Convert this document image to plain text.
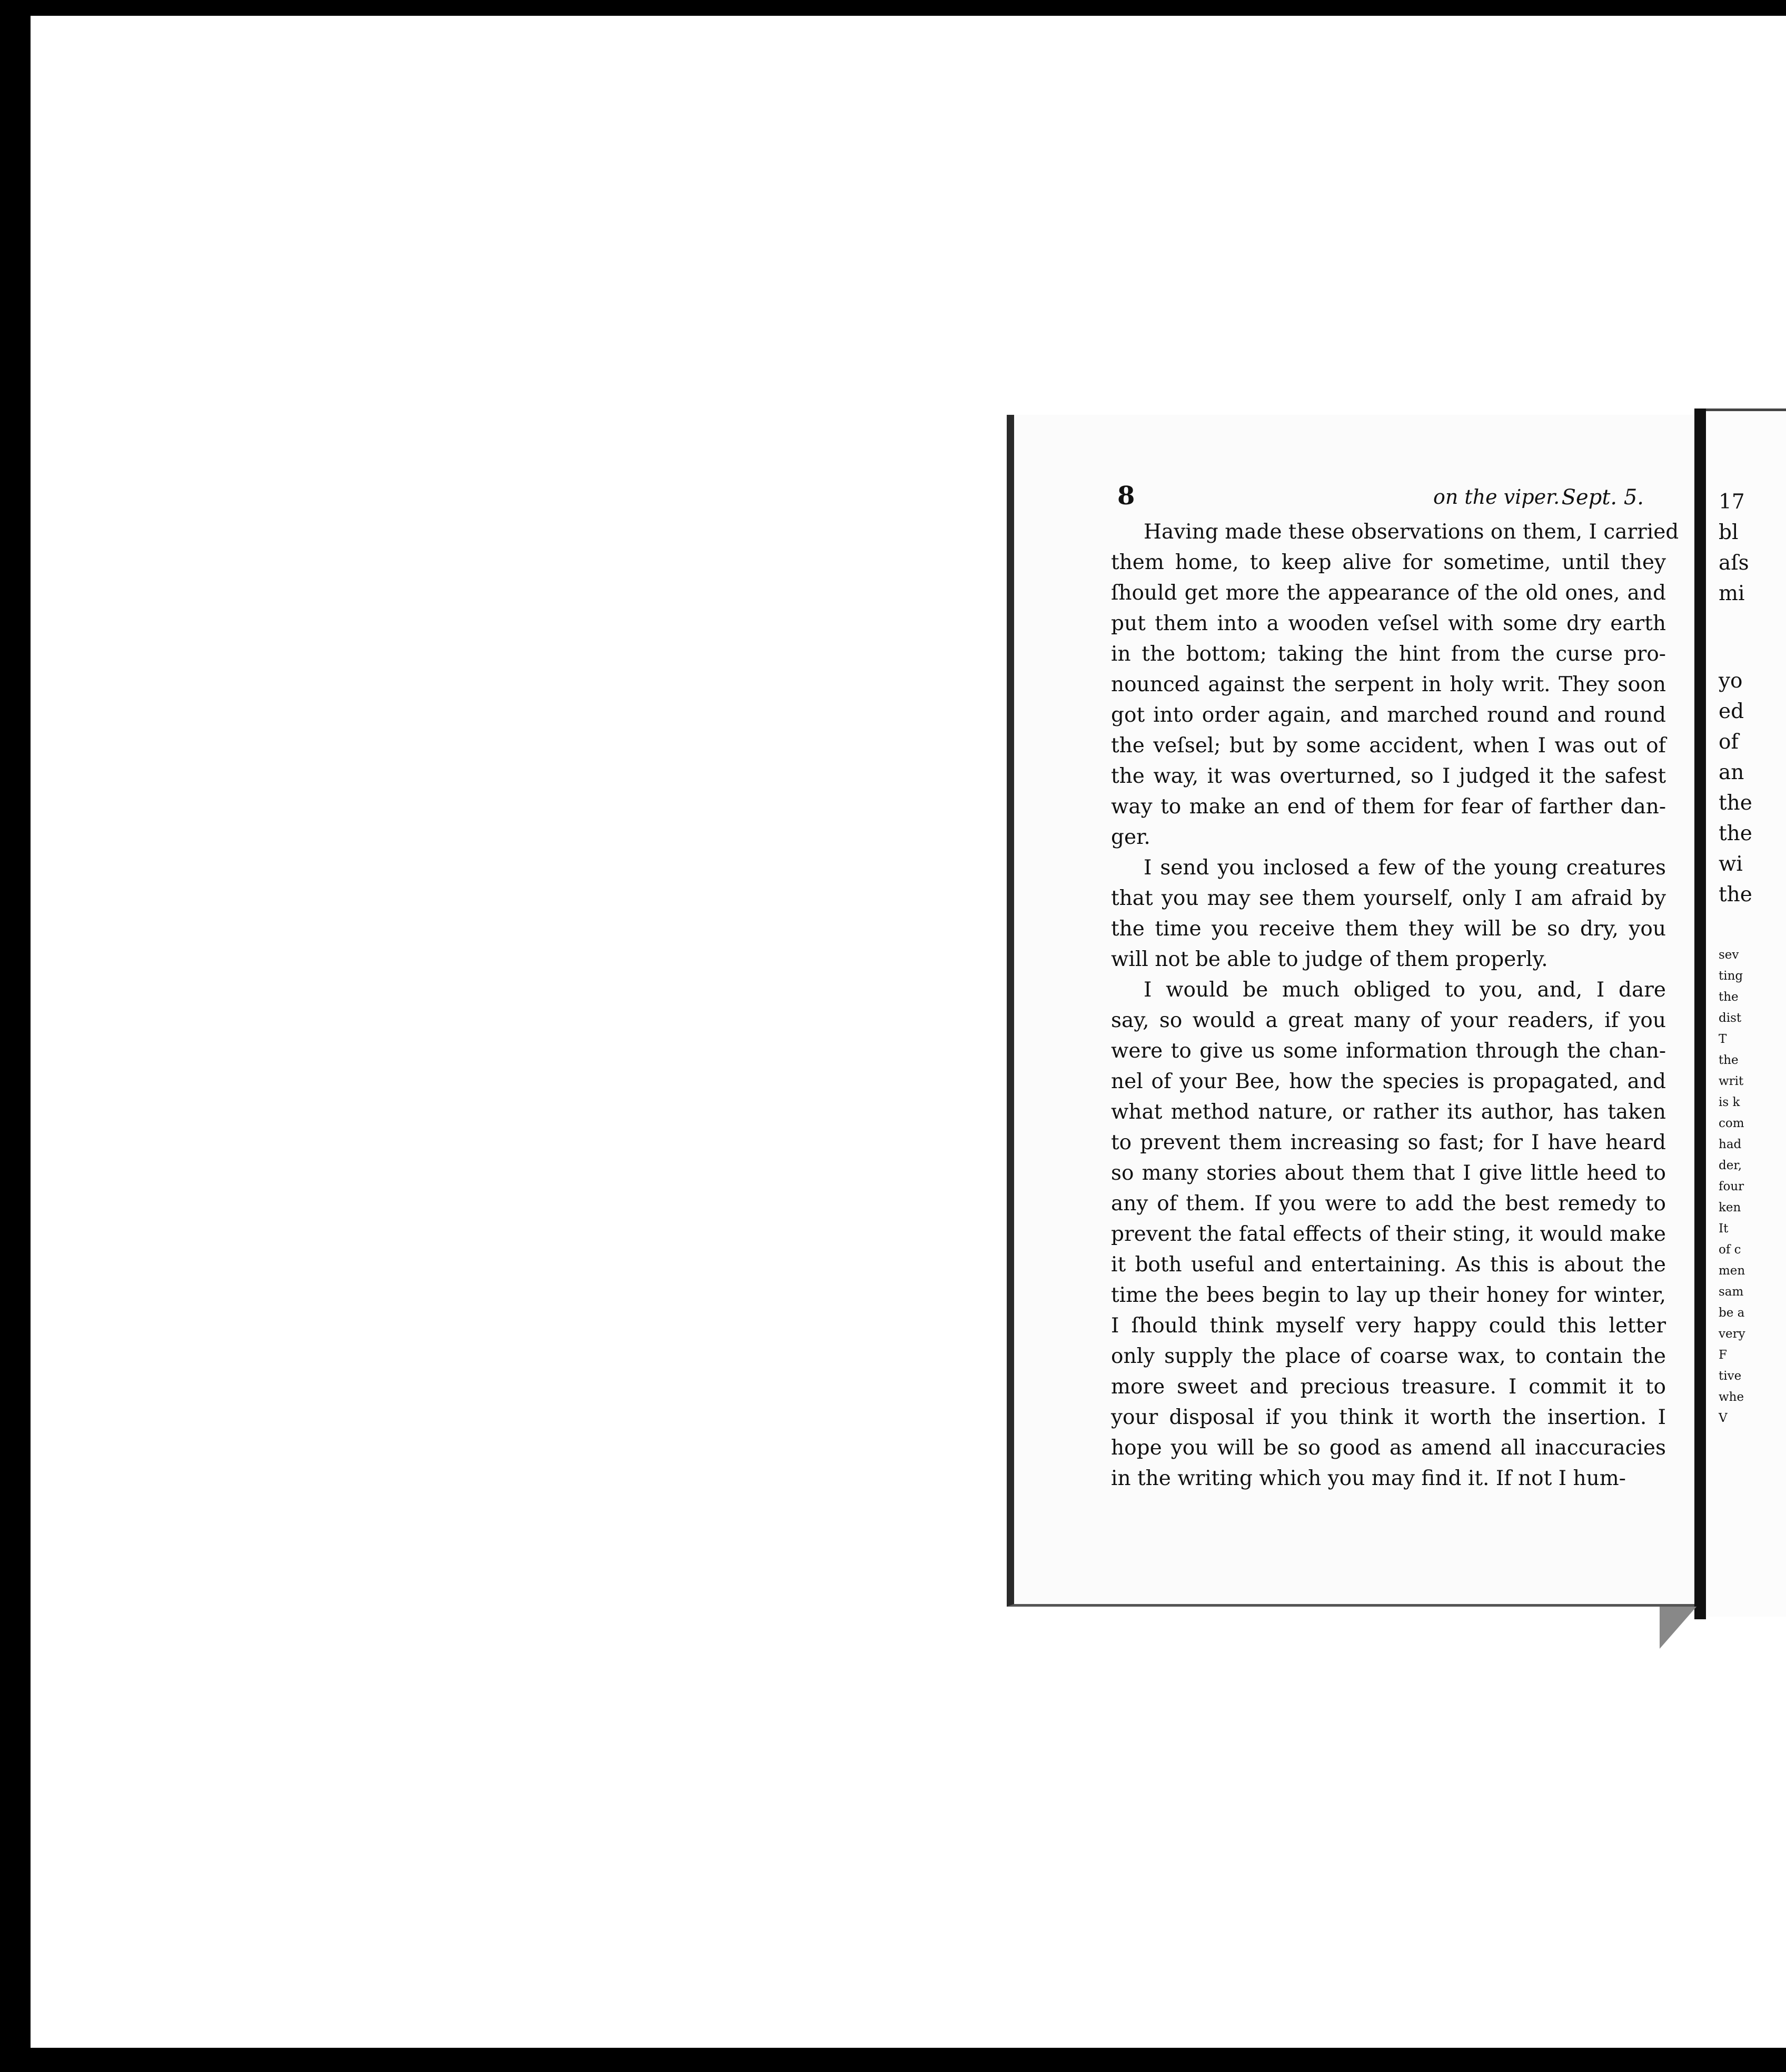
17
bl
aſs
mi
yo
ed
of
an
the
the
wi
the
sev
ting
the
dist
T
the
writ
is k
com
had
der,
four
ken
It
of c
men
sam
be a
very
F
tive
whe
V
8	on the viper. Sept. 5.
Having made these observations on them, I carried
them home, to keep alive for sometime, until they
ſhould get more the appearance of the old ones, and
put them into a wooden veſsel with some dry earth
in the bottom; taking the hint from the curse pro-
nounced against the serpent in holy writ. They soon
got into order again, and marched round and round
the veſsel; but by some accident, when I was out of
the way, it was overturned, so I judged it the safest
way to make an end of them for fear of farther dan-
ger.
I send you inclosed a few of the young creatures
that you may see them yourself, only I am afraid by
the time you receive them they will be so dry, you
will not be able to judge of them properly.
I would be much obliged to you, and, I dare
say, so would a great many of your readers, if you
were to give us some information through the chan-
nel of your Bee, how the species is propagated, and
what method nature, or rather its author, has taken
to prevent them increasing so fast; for I have heard
so many stories about them that I give little heed to
any of them. If you were to add the best remedy to
prevent the fatal effects of their sting, it would make
it both useful and entertaining. As this is about the
time the bees begin to lay up their honey for winter,
I ſhould think myself very happy could this letter
only supply the place of coarse wax, to contain the
more sweet and precious treasure. I commit it to
your disposal if you think it worth the insertion. I
hope you will be so good as amend all inaccuracies
in the writing which you may find it. If not I hum-
